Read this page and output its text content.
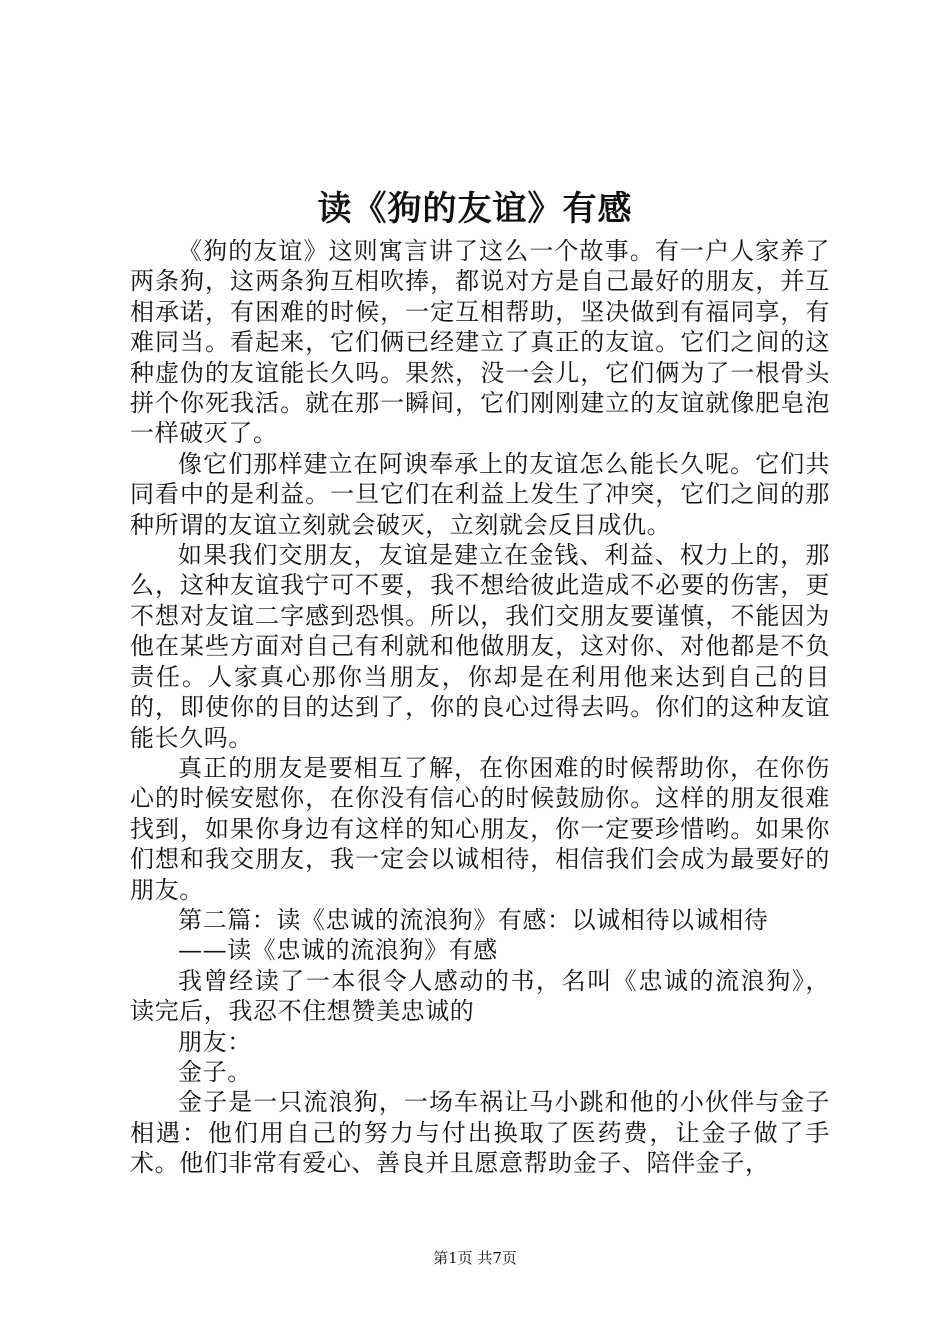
读《狗的友谊》有感

《狗的友谊》这则寓言讲了这么一个故事。有一户人家养了两条狗，这两条狗互相吹捧，都说对方是自己最好的朋友，并互相承诺，有困难的时候，一定互相帮助，坚决做到有福同享，有难同当。看起来，它们俩已经建立了真正的友谊。它们之间的这种虚伪的友谊能长久吗。果然，没一会儿，它们俩为了一根骨头拼个你死我活。就在那一瞬间，它们刚刚建立的友谊就像肥皂泡一样破灭了。

像它们那样建立在阿谀奉承上的友谊怎么能长久呢。它们共同看中的是利益。一旦它们在利益上发生了冲突，它们之间的那种所谓的友谊立刻就会破灭，立刻就会反目成仇。

如果我们交朋友，友谊是建立在金钱、利益、权力上的，那么，这种友谊我宁可不要，我不想给彼此造成不必要的伤害，更不想对友谊二字感到恐惧。所以，我们交朋友要谨慎，不能因为他在某些方面对自己有利就和他做朋友，这对你、对他都是不负责任。人家真心那你当朋友，你却是在利用他来达到自己的目的，即使你的目的达到了，你的良心过得去吗。你们的这种友谊能长久吗。

真正的朋友是要相互了解，在你困难的时候帮助你，在你伤心的时候安慰你，在你没有信心的时候鼓励你。这样的朋友很难找到，如果你身边有这样的知心朋友，你一定要珍惜哟。如果你们想和我交朋友，我一定会以诚相待，相信我们会成为最要好的朋友。

第二篇：读《忠诚的流浪狗》有感：以诚相待以诚相待

——读《忠诚的流浪狗》有感

我曾经读了一本很令人感动的书，名叫《忠诚的流浪狗》，读完后，我忍不住想赞美忠诚的

朋友：

金子。

金子是一只流浪狗，一场车祸让马小跳和他的小伙伴与金子相遇：他们用自己的努力与付出换取了医药费，让金子做了手术。他们非常有爱心、善良并且愿意帮助金子、陪伴金子，

第1页 共7页
